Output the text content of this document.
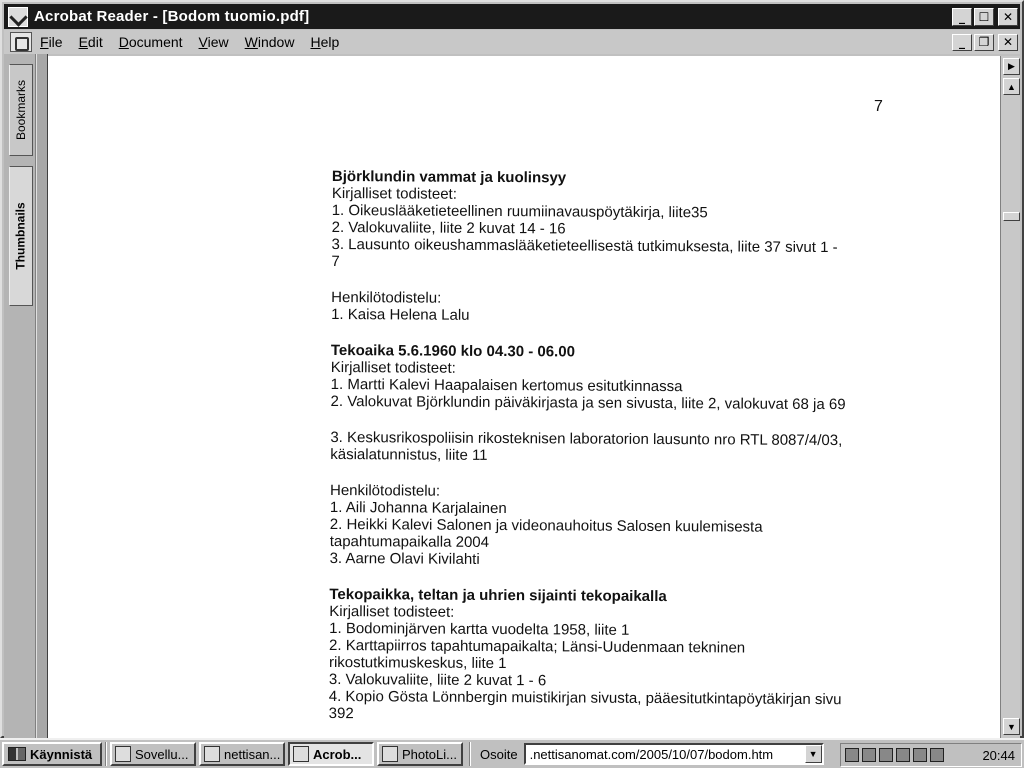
Acrobat Reader - [Bodom tuomio.pdf]	_	☐	✕
File Edit Document View Window Help	_	❐	✕
Bookmarks
Thumbnails
7
Björklundin vammat ja kuolinsyy
Kirjalliset todisteet:
1. Oikeuslääketieteellinen ruumiinavauspöytäkirja, liite35
2. Valokuvaliite, liite 2 kuvat 14 - 16
3. Lausunto oikeushammaslääketieteellisestä tutkimuksesta, liite 37 sivut 1 -
7
Henkilötodistelu:
1. Kaisa Helena Lalu
Tekoaika 5.6.1960 klo 04.30 - 06.00
Kirjalliset todisteet:
1. Martti Kalevi Haapalaisen kertomus esitutkinnassa
2. Valokuvat Björklundin päiväkirjasta ja sen sivusta, liite 2, valokuvat 68 ja 69
3. Keskusrikospoliisin rikosteknisen laboratorion lausunto nro RTL 8087/4/03,
käsialatunnistus, liite 11
Henkilötodistelu:
1. Aili Johanna Karjalainen
2. Heikki Kalevi Salonen ja videonauhoitus Salosen kuulemisesta
tapahtumapaikalla 2004
3. Aarne Olavi Kivilahti
Tekopaikka, teltan ja uhrien sijainti tekopaikalla
Kirjalliset todisteet:
1. Bodominjärven kartta vuodelta 1958, liite 1
2. Karttapiirros tapahtumapaikalta; Länsi-Uudenmaan tekninen
rikostutkimuskeskus, liite 1
3. Valokuvaliite, liite 2 kuvat 1 - 6
4. Kopio Gösta Lönnbergin muistikirjan sivusta, pääesitutkintapöytäkirjan sivu
392
▶
▲
▼
Käynnistä	Sovellu...	nettisan...	Acrob...	PhotoLi... Osoite .nettisanomat.com/2005/10/07/bodom.htm	▼	20:44
